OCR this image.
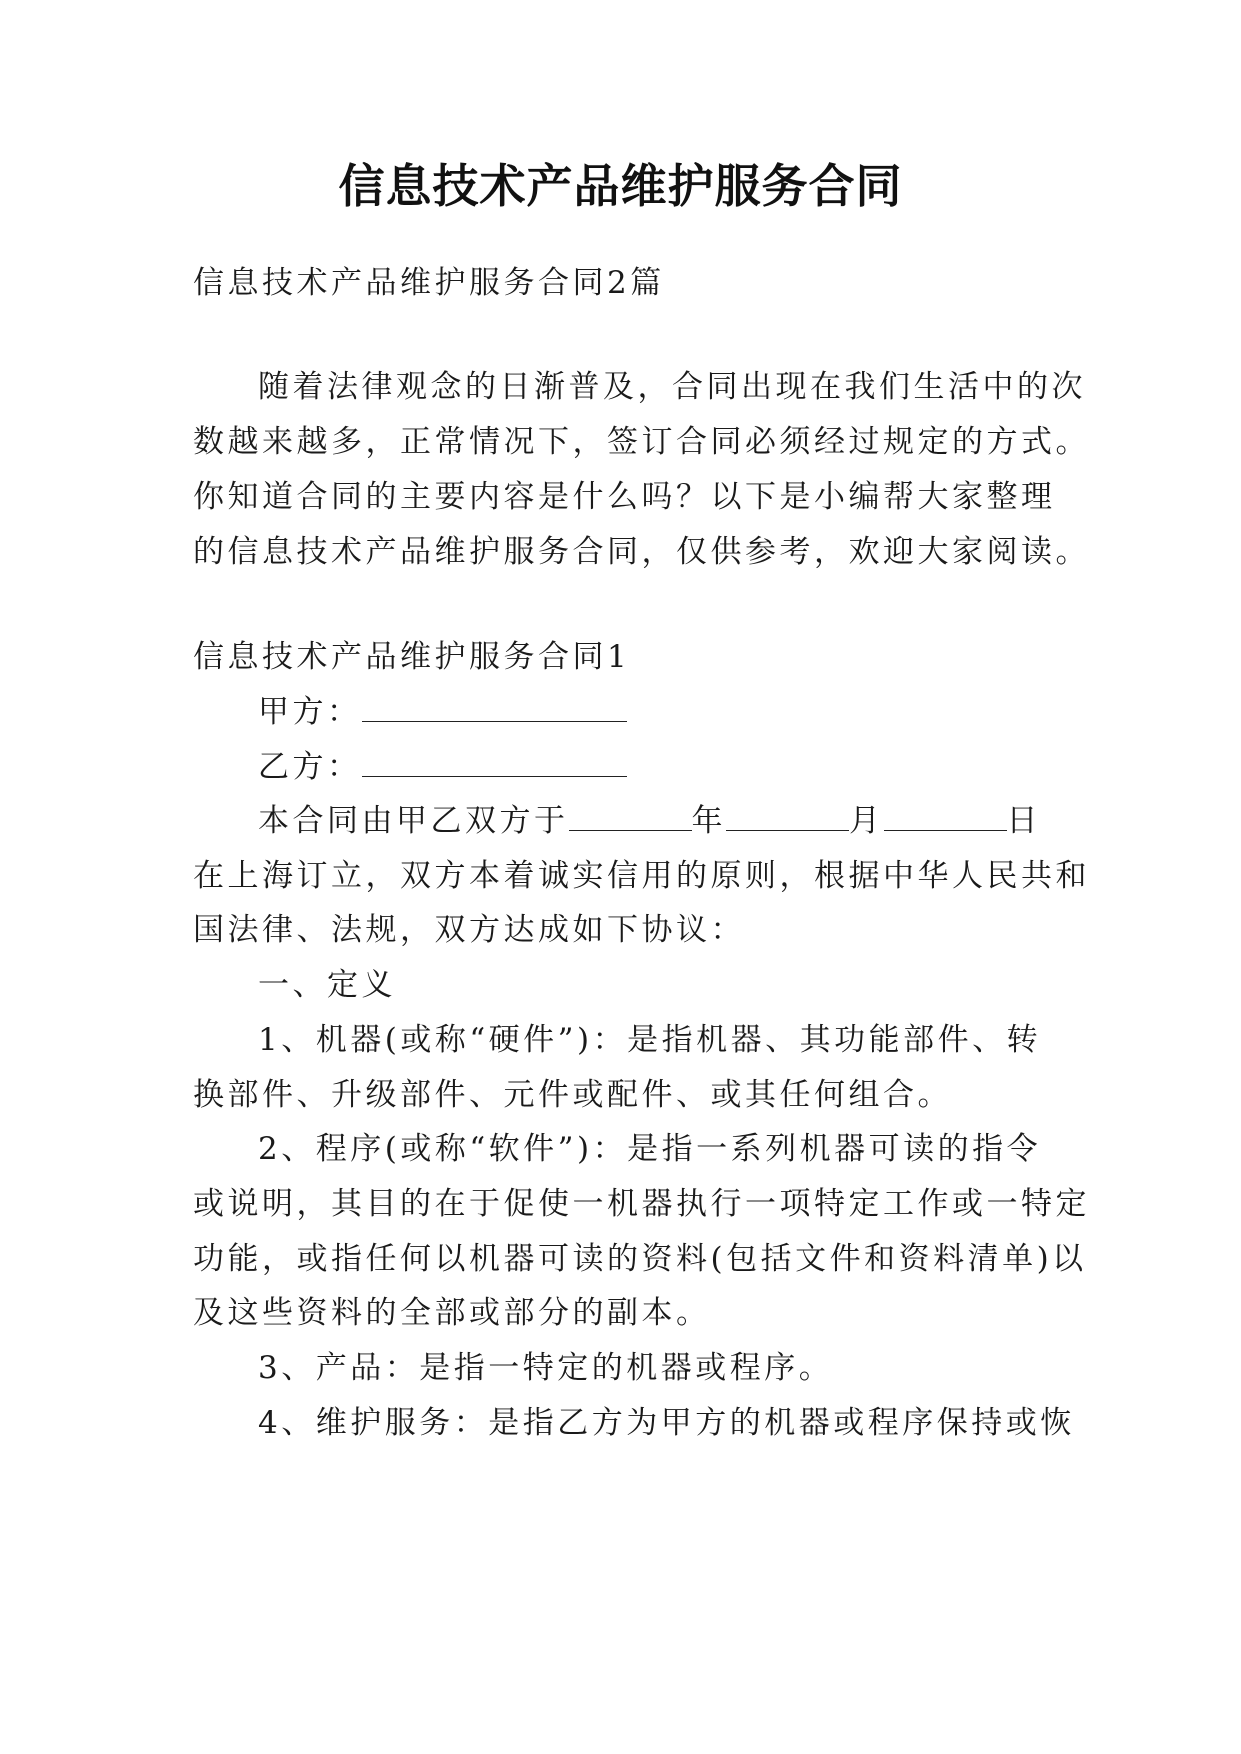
信息技术产品维护服务合同
信息技术产品维护服务合同2篇
随着法律观念的日渐普及，合同出现在我们生活中的次
数越来越多，正常情况下，签订合同必须经过规定的方式。
你知道合同的主要内容是什么吗？以下是小编帮大家整理
的信息技术产品维护服务合同，仅供参考，欢迎大家阅读。
信息技术产品维护服务合同1
甲方：
乙方：
本合同由甲乙双方于	年	月	日
在上海订立，双方本着诚实信用的原则，根据中华人民共和
国法律、法规，双方达成如下协议：
一、定义
1、机器(或称“硬件”)：是指机器、其功能部件、转
换部件、升级部件、元件或配件、或其任何组合。
2、程序(或称“软件”)：是指一系列机器可读的指令
或说明，其目的在于促使一机器执行一项特定工作或一特定
功能，或指任何以机器可读的资料(包括文件和资料清单)以
及这些资料的全部或部分的副本。
3、产品：是指一特定的机器或程序。
4、维护服务：是指乙方为甲方的机器或程序保持或恢
